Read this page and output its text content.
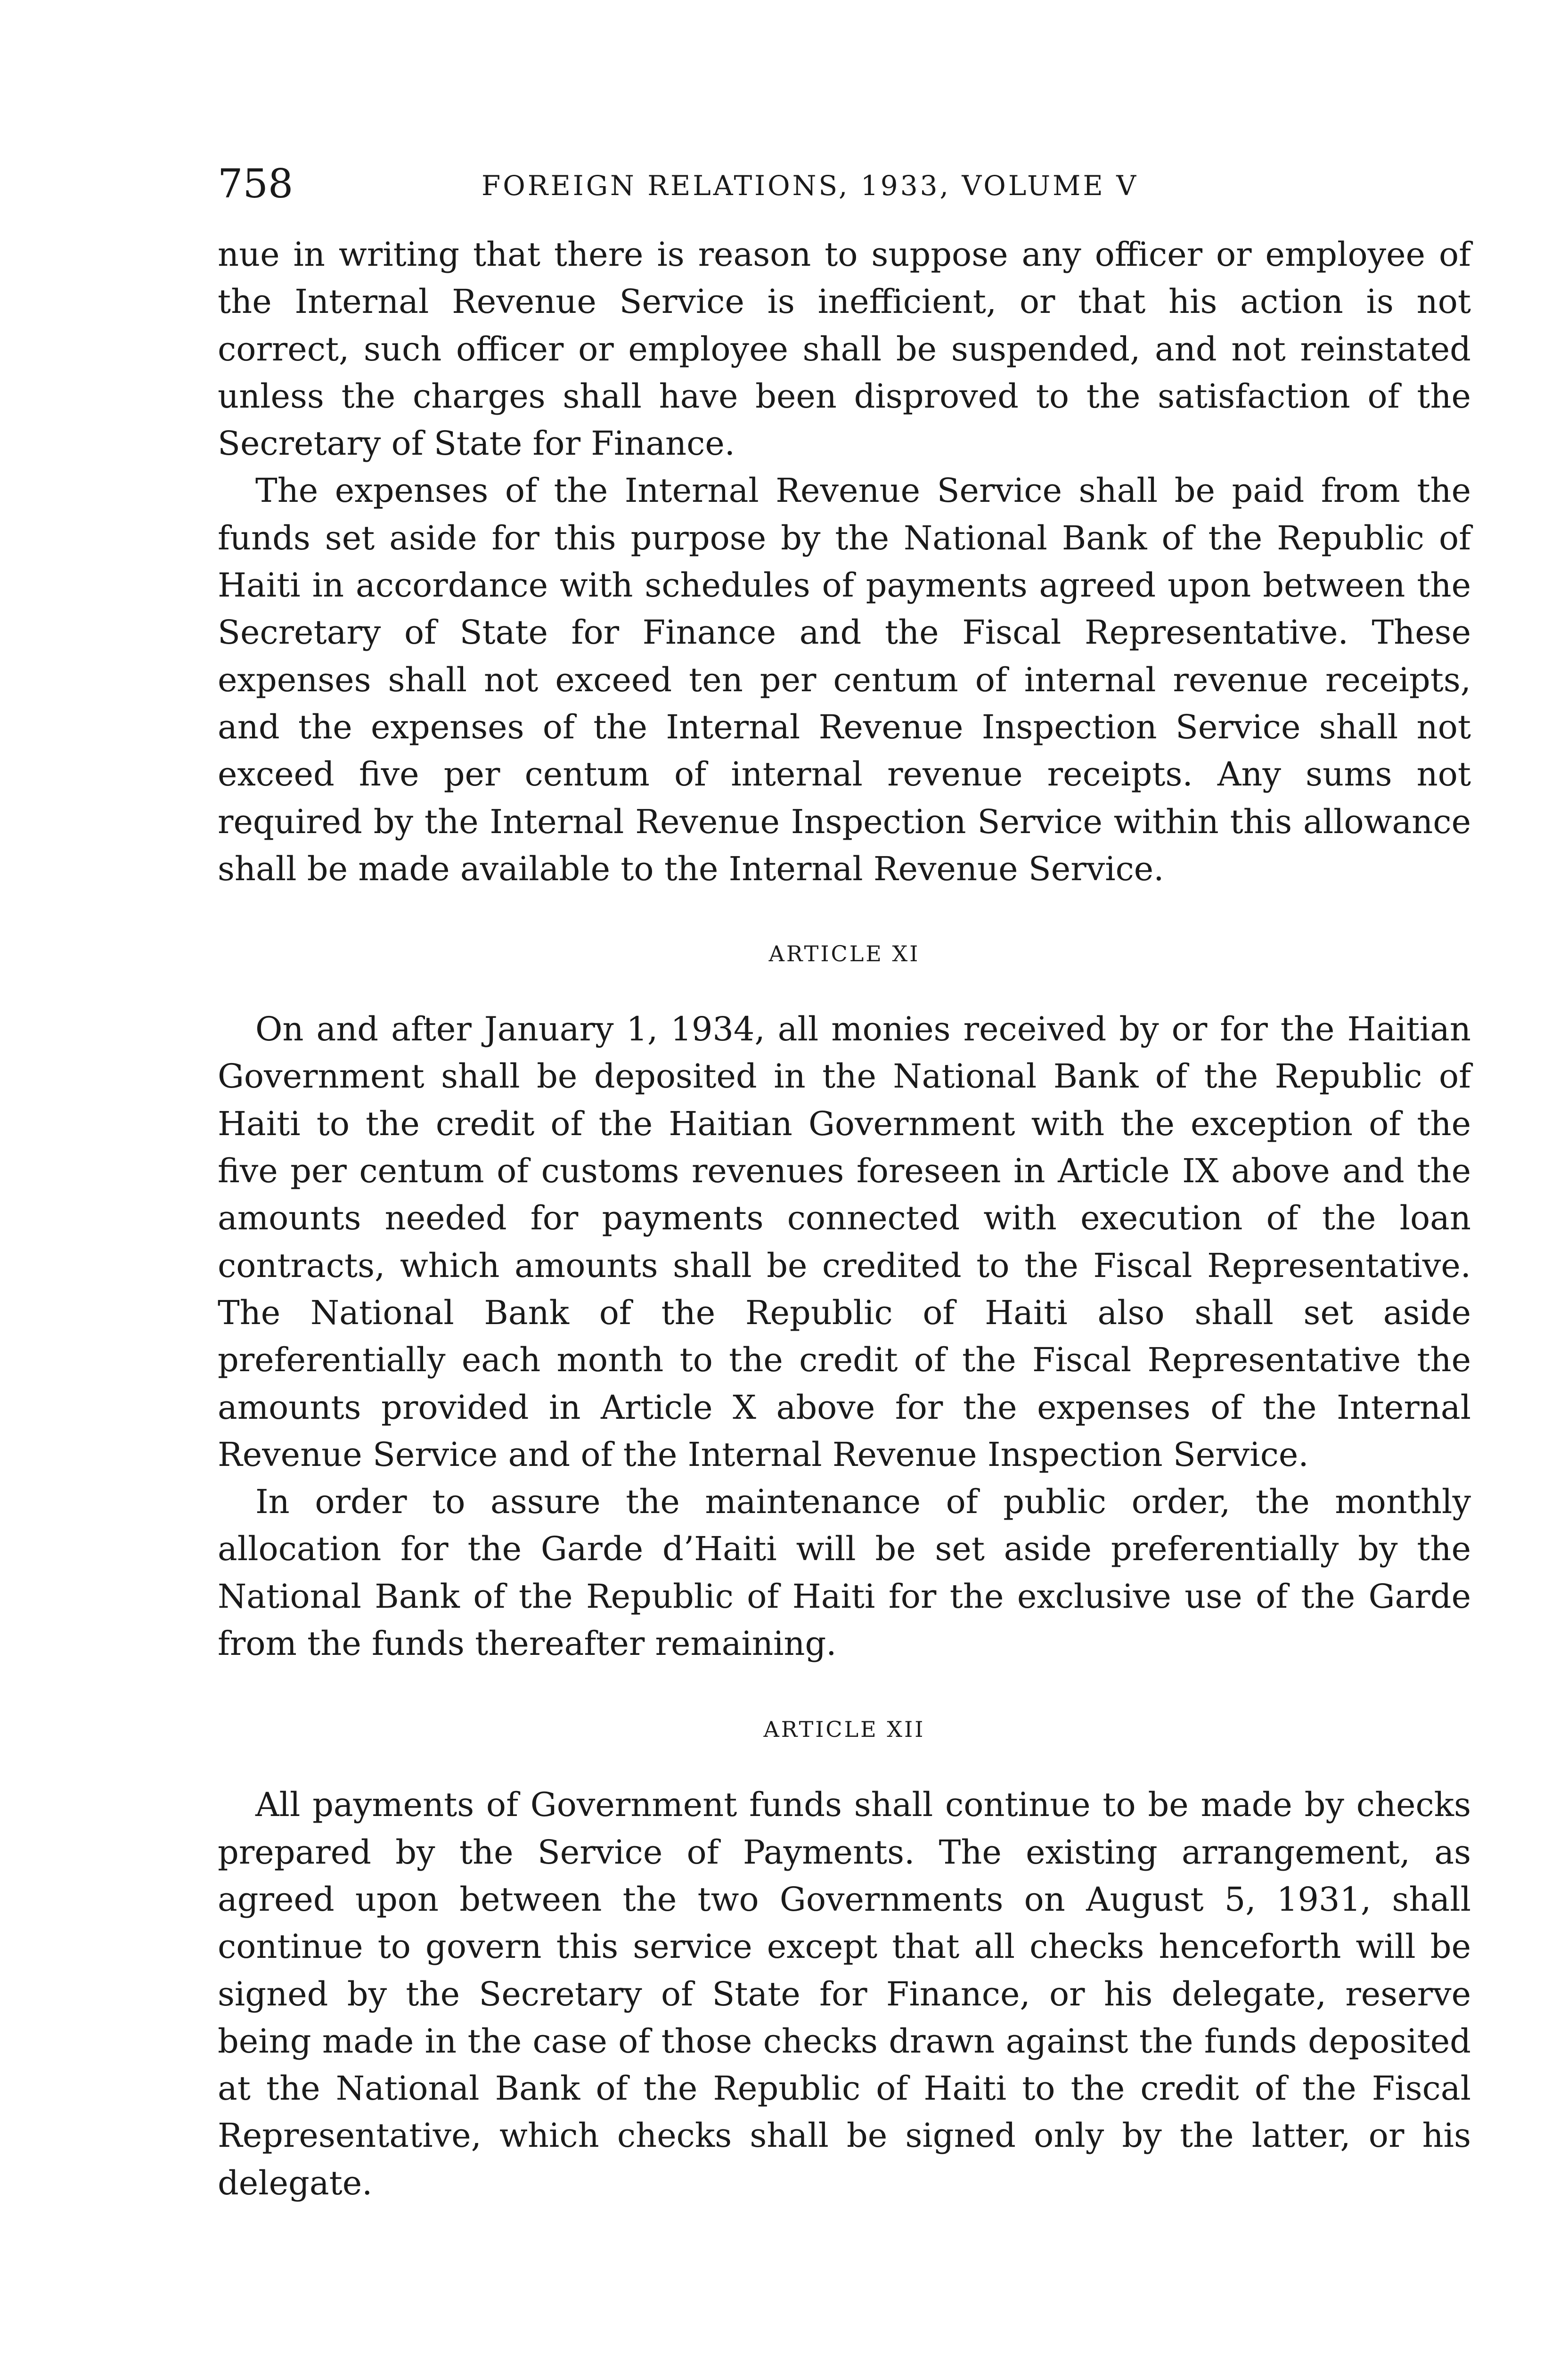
758	FOREIGN RELATIONS, 1933, VOLUME V

nue in writing that there is reason to suppose any officer or employee of the Internal Revenue Service is inefficient, or that his action is not correct, such officer or employee shall be suspended, and not reinstated unless the charges shall have been disproved to the satisfaction of the Secretary of State for Finance.

The expenses of the Internal Revenue Service shall be paid from the funds set aside for this purpose by the National Bank of the Republic of Haiti in accordance with schedules of payments agreed upon between the Secretary of State for Finance and the Fiscal Representative. These expenses shall not exceed ten per centum of internal revenue receipts, and the expenses of the Internal Revenue Inspection Service shall not exceed five per centum of internal revenue receipts. Any sums not required by the Internal Revenue Inspection Service within this allowance shall be made available to the Internal Revenue Service.

ARTICLE XI

On and after January 1, 1934, all monies received by or for the Haitian Government shall be deposited in the National Bank of the Republic of Haiti to the credit of the Haitian Government with the exception of the five per centum of customs revenues foreseen in Article IX above and the amounts needed for payments connected with execution of the loan contracts, which amounts shall be credited to the Fiscal Representative. The National Bank of the Republic of Haiti also shall set aside preferentially each month to the credit of the Fiscal Representative the amounts provided in Article X above for the expenses of the Internal Revenue Service and of the Internal Revenue Inspection Service.

In order to assure the maintenance of public order, the monthly allocation for the Garde d’Haiti will be set aside preferentially by the National Bank of the Republic of Haiti for the exclusive use of the Garde from the funds thereafter remaining.

ARTICLE XII

All payments of Government funds shall continue to be made by checks prepared by the Service of Payments. The existing arrangement, as agreed upon between the two Governments on August 5, 1931, shall continue to govern this service except that all checks henceforth will be signed by the Secretary of State for Finance, or his delegate, reserve being made in the case of those checks drawn against the funds deposited at the National Bank of the Republic of Haiti to the credit of the Fiscal Representative, which checks shall be signed only by the latter, or his delegate.
